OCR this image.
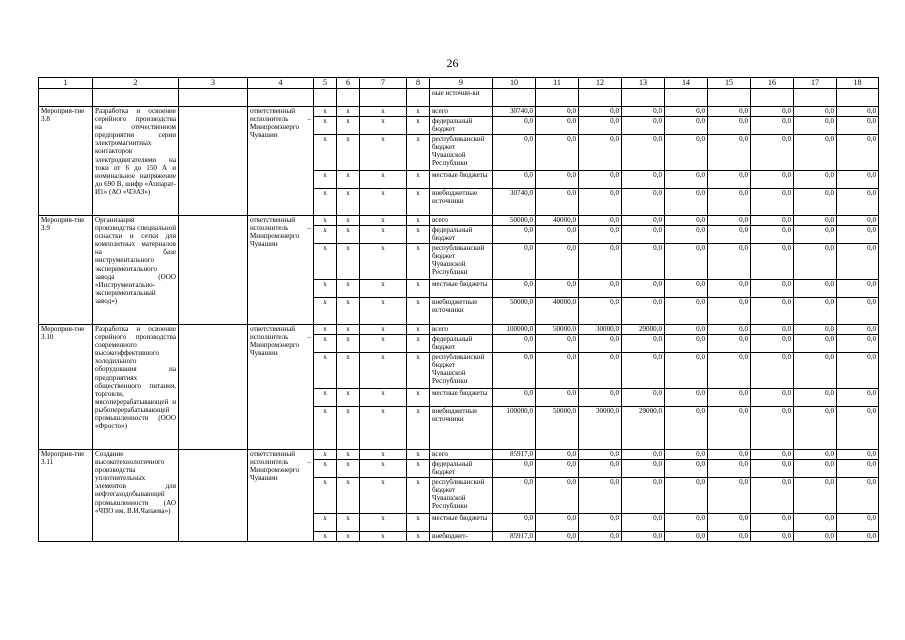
26
1	2	3	4	5	6	7	8	9	10	11	12	13	14	15	16	17	18
								ные источни-ки									
Мероприя-тие 3.8	Разработка и освоение серийного производства на отечественном предприятии серии электромагнитных контакторов электродвигателями на токи от 6 до 150 А и номинальное напряжение до 690 В, шифр «Аппарат-И1» (АО «ЧЭАЗ»)		ответственный исполнитель – Минпромэнерго Чувашии	x	x	x	x	всего	30740,0	0,0	0,0	0,0	0,0	0,0	0,0	0,0	0,0
				x	x	x	x	федеральный бюджет	0,0	0,0	0,0	0,0	0,0	0,0	0,0	0,0	0,0
				x	x	x	x	республиканский бюджет Чувашской Республики	0,0	0,0	0,0	0,0	0,0	0,0	0,0	0,0	0,0
				x	x	x	x	местные бюджеты	0,0	0,0	0,0	0,0	0,0	0,0	0,0	0,0	0,0
				x	x	x	x	внебюджетные источники	30740,0	0,0	0,0	0,0	0,0	0,0	0,0	0,0	0,0
Мероприя-тие 3.9	Организация производства специальной оснастки и сетки для композитных материалов на базе инструментального экспериментального завода (ООО «Инструментально-экспериментальный завод»)		ответственный исполнитель – Минпромэнерго Чувашии	x	x	x	x	всего	50000,0	40000,0	0,0	0,0	0,0	0,0	0,0	0,0	0,0
				x	x	x	x	федеральный бюджет	0,0	0,0	0,0	0,0	0,0	0,0	0,0	0,0	0,0
				x	x	x	x	республиканский бюджет Чувашской Республики	0,0	0,0	0,0	0,0	0,0	0,0	0,0	0,0	0,0
				x	x	x	x	местные бюджеты	0,0	0,0	0,0	0,0	0,0	0,0	0,0	0,0	0,0
				x	x	x	x	внебюджетные источники	50000,0	40000,0	0,0	0,0	0,0	0,0	0,0	0,0	0,0
Мероприя-тие 3.10	Разработка и освоение серийного производства современного высокоэффективного холодильного оборудования на предприятиях общественного питания, торговли, мясоперерабатывающей и рыбоперерабатывающей промышленности (ООО «Фросто»)		ответственный исполнитель – Минпромэнерго Чувашии	x	x	x	x	всего	100000,0	50000,0	30000,0	29000,0	0,0	0,0	0,0	0,0	0,0
				x	x	x	x	федеральный бюджет	0,0	0,0	0,0	0,0	0,0	0,0	0,0	0,0	0,0
				x	x	x	x	республиканский бюджет Чувашской Республики	0,0	0,0	0,0	0,0	0,0	0,0	0,0	0,0	0,0
				x	x	x	x	местные бюджеты	0,0	0,0	0,0	0,0	0,0	0,0	0,0	0,0	0,0
				x	x	x	x	внебюджетные источники	100000,0	50000,0	30000,0	29000,0	0,0	0,0	0,0	0,0	0,0
Мероприя-тие 3.11	Создание высокотехнологичного производства уплотнительных элементов для нефтегазодобывающей промышленности (АО «ЧПО им. В.И.Чапаева»)		ответственный исполнитель – Минпромэнерго Чувашии	x	x	x	x	всего	85917,0	0,0	0,0	0,0	0,0	0,0	0,0	0,0	0,0
				x	x	x	x	федеральный бюджет	0,0	0,0	0,0	0,0	0,0	0,0	0,0	0,0	0,0
				x	x	x	x	республиканский бюджет Чувашской Республики	0,0	0,0	0,0	0,0	0,0	0,0	0,0	0,0	0,0
				x	x	x	x	местные бюджеты	0,0	0,0	0,0	0,0	0,0	0,0	0,0	0,0	0,0
				x	x	x	x	внебюджет-	85917,0	0,0	0,0	0,0	0,0	0,0	0,0	0,0	0,0
